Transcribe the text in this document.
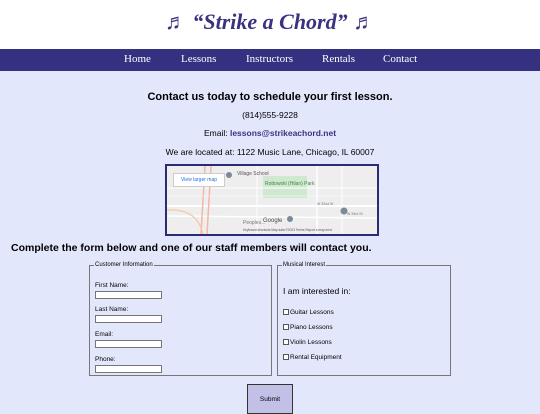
♬ “Strike a Chord” ♬
Home	Lessons	Instructors	Rentals	Contact
Contact us today to schedule your first lesson.
(814)555-9228
Email: lessons@strikeachord.net
We are located at: 1122 Music Lane, Chicago, IL 60007
Village School
Rottowski (Hilan) Park
W 32nd St
W 33rd St
Peoples...
Google
Keyboard shortcuts Map data ©2023 Terms Report a map error
View larger map
Complete the form below and one of our staff members will contact you.
Customer Information
First Name:
Last Name:
Email:
Phone:
Musical Interest
I am interested in:
Guitar Lessons
Piano Lessons
Violin Lessons
Rental Equipment
Submit
